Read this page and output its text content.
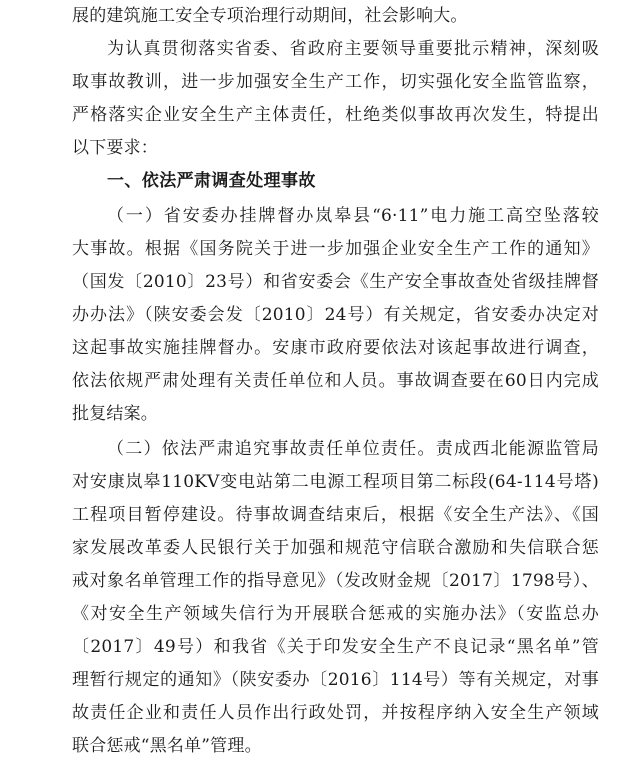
展的建筑施工安全专项治理行动期间，社会影响大。
为认真贯彻落实省委、省政府主要领导重要批示精神，深刻吸
取事故教训，进一步加强安全生产工作，切实强化安全监管监察，
严格落实企业安全生产主体责任，杜绝类似事故再次发生，特提出
以下要求：
一、依法严肃调查处理事故
（一）省安委办挂牌督办岚皋县“6·11”电力施工高空坠落较
大事故。根据《国务院关于进一步加强企业安全生产工作的通知》
（国发〔2010〕23号）和省安委会《生产安全事故查处省级挂牌督
办办法》（陕安委会发〔2010〕24号）有关规定，省安委办决定对
这起事故实施挂牌督办。安康市政府要依法对该起事故进行调查，
依法依规严肃处理有关责任单位和人员。事故调查要在60日内完成
批复结案。
（二）依法严肃追究事故责任单位责任。责成西北能源监管局
对安康岚皋110KV变电站第二电源工程项目第二标段(64-114号塔)
工程项目暂停建设。待事故调查结束后，根据《安全生产法》、《国
家发展改革委人民银行关于加强和规范守信联合激励和失信联合惩
戒对象名单管理工作的指导意见》（发改财金规〔2017〕1798号）、
《对安全生产领域失信行为开展联合惩戒的实施办法》（安监总办
〔2017〕49号）和我省《关于印发安全生产不良记录“黑名单”管
理暂行规定的通知》（陕安委办〔2016〕114号）等有关规定，对事
故责任企业和责任人员作出行政处罚，并按程序纳入安全生产领域
联合惩戒“黑名单”管理。
